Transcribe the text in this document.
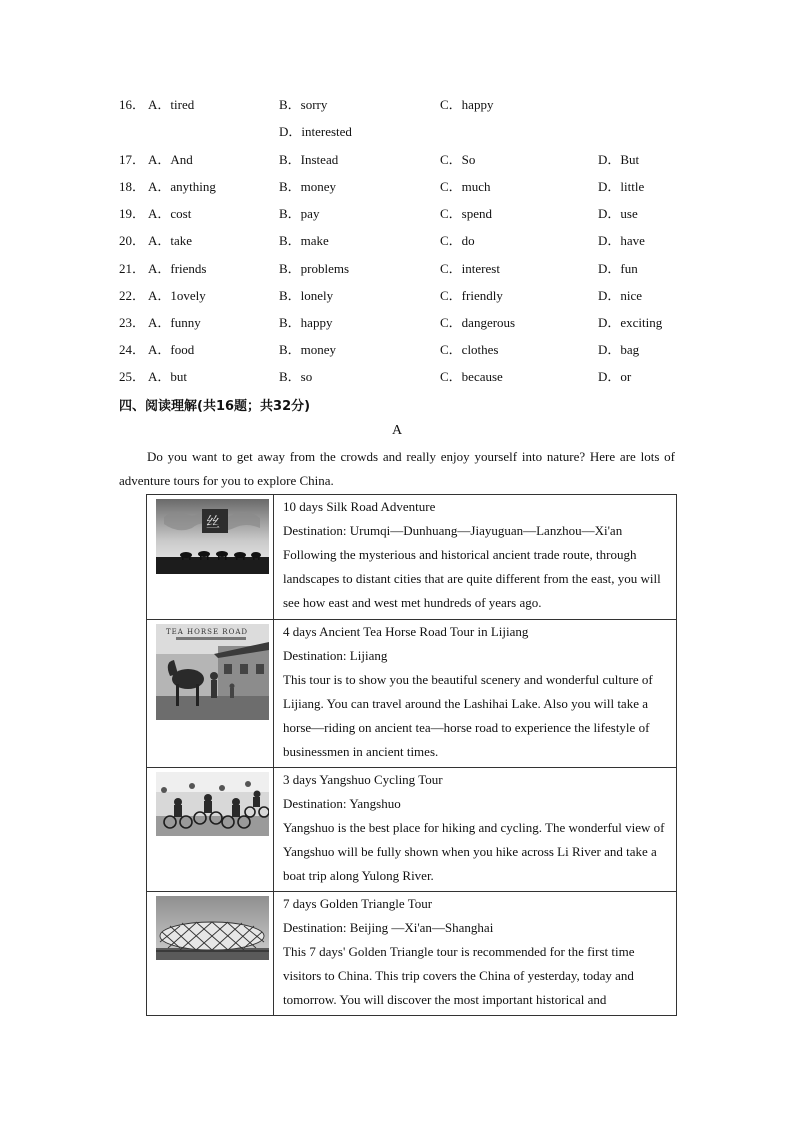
16． A．tired	B．sorry	C．happy
D．interested
17． A．And	B．Instead	C．So	D．But
18． A．anything	B．money	C．much	D．little
19． A．cost	B．pay	C．spend	D．use
20． A．take	B．make	C．do	D．have
21． A．friends	B．problems	C．interest	D．fun
22． A．1ovely	B．lonely	C．friendly	D．nice
23． A．funny	B．happy	C．dangerous	D．exciting
24． A．food	B．money	C．clothes	D．bag
25． A．but	B．so	C．because	D．or
四、阅读理解(共16题；共32分)
A
Do you want to get away from the crowds and really enjoy yourself into nature? Here are lots of adventure tours for you to explore China.
丝	10 days Silk Road Adventure
Destination: Urumqi—Dunhuang—Jiayuguan—Lanzhou—Xi'an
Following the mysterious and historical ancient trade route, through landscapes to distant cities that are quite different from the east, you will see how east and west met hundreds of years ago.

TEA HORSE ROAD	4 days Ancient Tea Horse Road Tour in Lijiang
Destination: Lijiang
This tour is to show you the beautiful scenery and wonderful culture of Lijiang. You can travel around the Lashihai Lake. Also you will take a horse—riding on ancient tea—horse road to experience the lifestyle of businessmen in ancient times.

3 days Yangshuo Cycling Tour
Destination: Yangshuo
Yangshuo is the best place for hiking and cycling. The wonderful view of Yangshuo will be fully shown when you hike across Li River and take a boat trip along Yulong River.

7 days Golden Triangle Tour
Destination: Beijing —Xi'an—Shanghai
This 7 days' Golden Triangle tour is recommended for the first time visitors to China. This trip covers the China of yesterday, today and tomorrow. You will discover the most important historical and
